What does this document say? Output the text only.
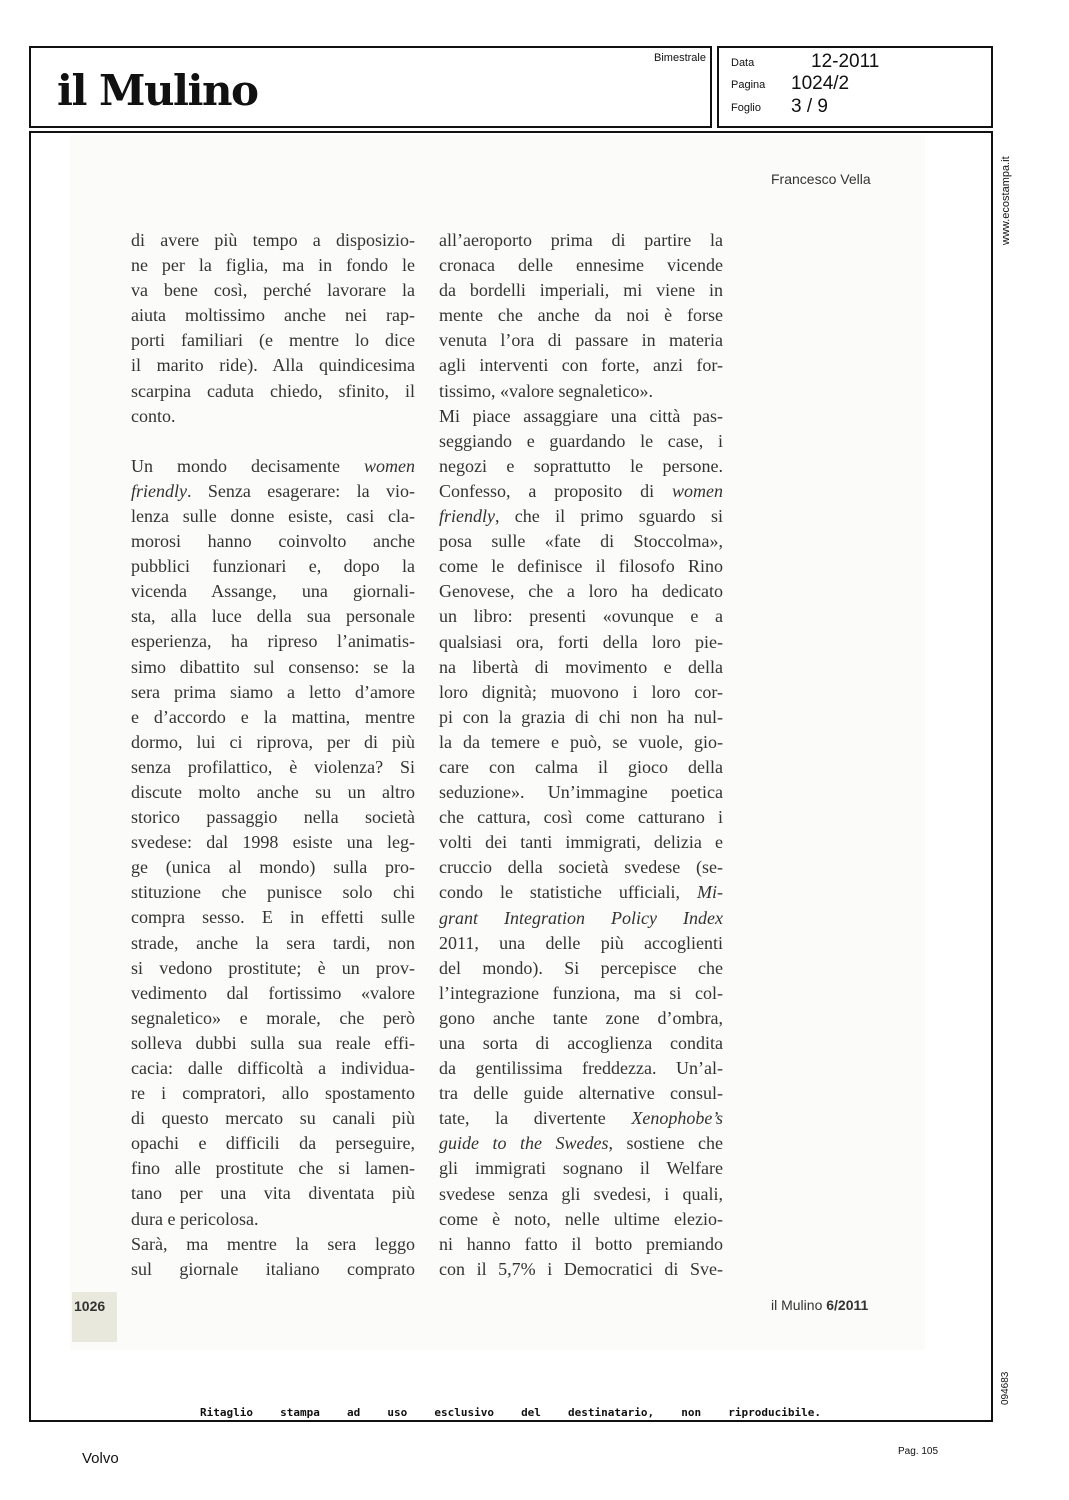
il Mulino
Bimestrale Data	12-2011
Pagina 1024/2
Foglio 3 / 9
Francesco Vella
di avere più tempo a disposizio-
ne per la figlia, ma in fondo le
va bene così, perché lavorare la
aiuta moltissimo anche nei rap-
porti familiari (e mentre lo dice
il marito ride). Alla quindicesima
scarpina caduta chiedo, sfinito, il
conto.
Un mondo decisamente women
friendly. Senza esagerare: la vio-
lenza sulle donne esiste, casi cla-
morosi hanno coinvolto anche
pubblici funzionari e, dopo la
vicenda Assange, una giornali-
sta, alla luce della sua personale
esperienza, ha ripreso l’animatis-
simo dibattito sul consenso: se la
sera prima siamo a letto d’amore
e d’accordo e la mattina, mentre
dormo, lui ci riprova, per di più
senza profilattico, è violenza? Si
discute molto anche su un altro
storico passaggio nella società
svedese: dal 1998 esiste una leg-
ge (unica al mondo) sulla pro-
stituzione che punisce solo chi
compra sesso. E in effetti sulle
strade, anche la sera tardi, non
si vedono prostitute; è un prov-
vedimento dal fortissimo «valore
segnaletico» e morale, che però
solleva dubbi sulla sua reale effi-
cacia: dalle difficoltà a individua-
re i compratori, allo spostamento
di questo mercato su canali più
opachi e difficili da perseguire,
fino alle prostitute che si lamen-
tano per una vita diventata più
dura e pericolosa.
Sarà, ma mentre la sera leggo
sul giornale italiano comprato
all’aeroporto prima di partire la
cronaca delle ennesime vicende
da bordelli imperiali, mi viene in
mente che anche da noi è forse
venuta l’ora di passare in materia
agli interventi con forte, anzi for-
tissimo, «valore segnaletico».
Mi piace assaggiare una città pas-
seggiando e guardando le case, i
negozi e soprattutto le persone.
Confesso, a proposito di women
friendly, che il primo sguardo si
posa sulle «fate di Stoccolma»,
come le definisce il filosofo Rino
Genovese, che a loro ha dedicato
un libro: presenti «ovunque e a
qualsiasi ora, forti della loro pie-
na libertà di movimento e della
loro dignità; muovono i loro cor-
pi con la grazia di chi non ha nul-
la da temere e può, se vuole, gio-
care con calma il gioco della
seduzione». Un’immagine poetica
che cattura, così come catturano i
volti dei tanti immigrati, delizia e
cruccio della società svedese (se-
condo le statistiche ufficiali, Mi-
grant Integration Policy Index
2011, una delle più accoglienti
del mondo). Si percepisce che
l’integrazione funziona, ma si col-
gono anche tante zone d’ombra,
una sorta di accoglienza condita
da gentilissima freddezza. Un’al-
tra delle guide alternative consul-
tate, la divertente Xenophobe’s
guide to the Swedes, sostiene che
gli immigrati sognano il Welfare
svedese senza gli svedesi, i quali,
come è noto, nelle ultime elezio-
ni hanno fatto il botto premiando
con il 5,7% i Democratici di Sve-
1026	il Mulino 6/2011
www.ecostampa.it
094683
Ritaglio stampa ad uso esclusivo del destinatario, non riproducibile.
Volvo	Pag. 105
